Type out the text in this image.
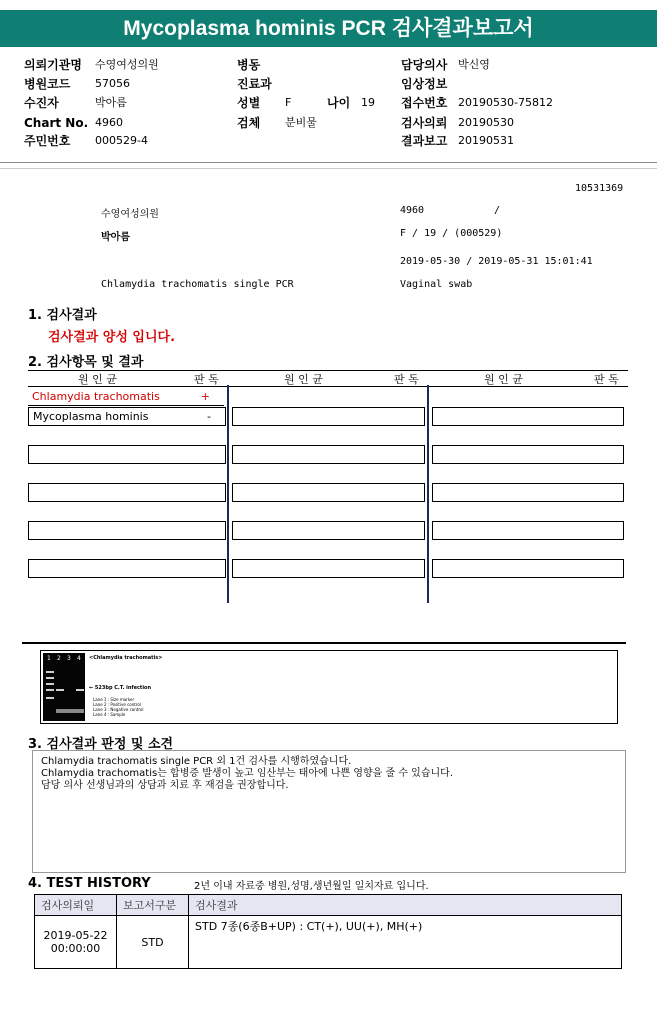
Mycoplasma hominis PCR 검사결과보고서
의뢰기관명 수영여성의원
병원코드 57056
수진자	박아름
Chart No. 4960
주민번호 000529-4
병동
진료과
성별 F	나이 19
검체 분비물
담당의사 박신영
임상정보
접수번호 20190530-75812
검사의뢰 20190530
결과보고 20190531
10531369
수영여성의원	4960	/
박아름	F / 19 / (000529)
2019-05-30 / 2019-05-31 15:01:41
Chlamydia trachomatis single PCR	Vaginal swab
1. 검사결과
검사결과 양성 입니다.
2. 검사항목 및 결과
원 인 균	판 독	원 인 균	판 독	원 인 균	판 독
Chlamydia trachomatis	+
Mycoplasma hominis	-
1 2 3 4 <Chlamydia trachomatis>
← 523bp C.T. infection
Lane 1 : Size marker
Lane 2 : Positive control
Lane 3 : Negative control
Lane 4 : Sample
3. 검사결과 판정 및 소견
Chlamydia trachomatis single PCR 외 1건 검사를 시행하였습니다.
Chlamydia trachomatis는 합병증 발생이 높고 임산부는 태아에 나쁜 영향을 줄 수 있습니다.
담당 의사 선생님과의 상담과 치료 후 재검을 권장합니다.
4. TEST HISTORY	2년 이내 자료중 병원,성명,생년월일 일치자료 입니다.
검사의뢰일	보고서구분	검사결과

2019-05-22
00:00:00	STD	STD 7종(6종B+UP) : CT(+), UU(+), MH(+)
